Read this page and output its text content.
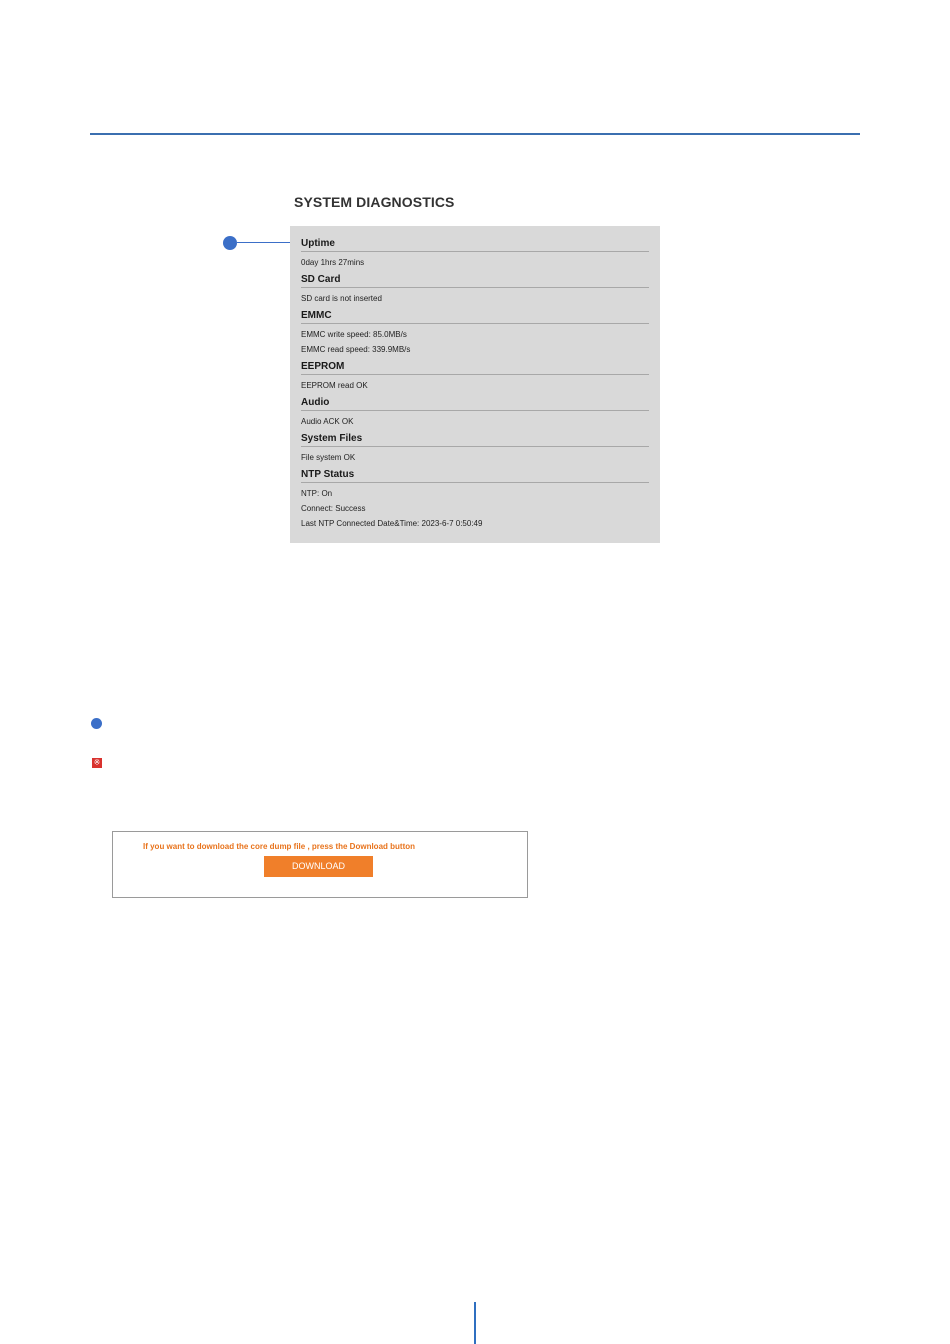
SYSTEM DIAGNOSTICS
Uptime
0day 1hrs 27mins
SD Card
SD card is not inserted
EMMC
EMMC write speed: 85.0MB/s
EMMC read speed: 339.9MB/s
EEPROM
EEPROM read OK
Audio
Audio ACK OK
System Files
File system OK
NTP Status
NTP: On
Connect: Success
Last NTP Connected Date&Time: 2023-6-7 0:50:49
※
If you want to download the core dump file , press the Download button
DOWNLOAD
